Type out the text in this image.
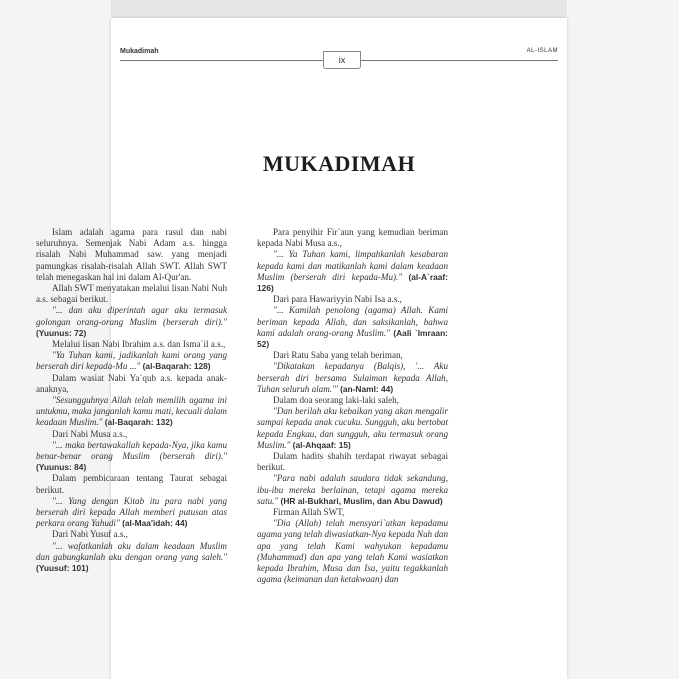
Mukadimah	AL-ISLAM
ix
MUKADIMAH

Islam adalah agama para rasul dan nabi seluruhnya. Semenjak Nabi Adam a.s. hingga risalah Nabi Muhammad saw. yang menjadi pamungkas risalah-risalah Allah SWT. Allah SWT telah menegaskan hal ini dalam Al-Qur'an.

Allah SWT menyatakan melalui lisan Nabi Nuh a.s. sebagai berikut.

"... dan aku diperintah agar aku termasuk golongan orang-orang Muslim (berserah diri)." (Yuunus: 72)

Melalui lisan Nabi Ibrahim a.s. dan Isma`il a.s.,

"Ya Tuhan kami, jadikanlah kami orang yang berserah diri kepada-Mu ..." (al-Baqarah: 128)

Dalam wasiat Nabi Ya`qub a.s. kepada anak-anaknya,

"Sesungguhnya Allah telah memilih agama ini untukmu, maka janganlah kamu mati, kecuali dalam keadaan Muslim." (al-Baqarah: 132)

Dari Nabi Musa a.s.,

"... maka bertawakallah kepada-Nya, jika kamu benar-benar orang Muslim (berserah diri)." (Yuunus: 84)

Dalam pembicaraan tentang Taurat sebagai berikut.

"... Yang dengan Kitab itu para nabi yang berserah diri kepada Allah memberi putusan atas perkara orang Yahudi" (al-Maa'idah: 44)

Dari Nabi Yusuf a.s.,

"... wafatkanlah aku dalam keadaan Muslim dan gabungkanlah aku dengan orang yang saleh." (Yuusuf: 101)

Para penyihir Fir`aun yang kemudian beriman kepada Nabi Musa a.s.,

"... Ya Tuhan kami, limpahkanlah kesabaran kepada kami dan matikanlah kami dalam keadaan Muslim (berserah diri kepada-Mu)." (al-A`raaf: 126)

Dari para Hawariyyin Nabi Isa a.s.,

"... Kamilah penolong (agama) Allah. Kami beriman kepada Allah, dan saksikanlah, bahwa kami adalah orang-orang Muslim." (Aali `Imraan: 52)

Dari Ratu Saba yang telah beriman,

"Dikatakan kepadanya (Balqis), '... Aku berserah diri bersama Sulaiman kepada Allah, Tuhan seluruh alam.'" (an-Naml: 44)

Dalam doa seorang laki-laki saleh,

"Dan berilah aku kebaikan yang akan mengalir sampai kepada anak cucuku. Sungguh, aku bertobat kepada Engkau, dan sungguh, aku termasuk orang Muslim." (al-Ahqaaf: 15)

Dalam hadits shahih terdapat riwayat sebagai berikut.

"Para nabi adalah saudara tidak sekandung, ibu-ibu mereka berlainan, tetapi agama mereka satu." (HR al-Bukhari, Muslim, dan Abu Dawud)

Firman Allah SWT,

"Dia (Allah) telah mensyari`atkan kepadamu agama yang telah diwasiatkan-Nya kepada Nuh dan apa yang telah Kami wahyukan kepadamu (Muhammad) dan apa yang telah Kami wasiatkan kepada Ibrahim, Musa dan Isa, yaitu tegakkanlah agama (keimanan dan ketakwaan) dan
